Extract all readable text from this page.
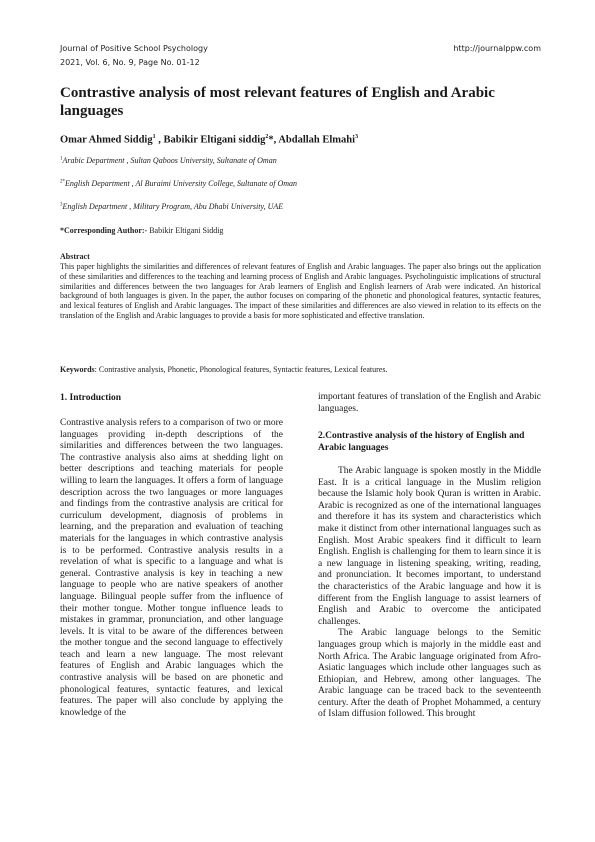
Journal of Positive School Psychology
2021, Vol. 6, No. 9, Page No. 01-12
http://journalppw.com
Contrastive analysis of most relevant features of English and Arabic languages
Omar Ahmed Siddig$^1$ , Babikir Eltigani siddig$^2$*, Abdallah Elmahi$^3$
$^1$Arabic Department , Sultan Qaboos University, Sultanate of Oman
$^{2*}$English Department , Al Buraimi University College, Sultanate of Oman
$^3$English Department , Military Program, Abu Dhabi University, UAE
*Corresponding Author:- Babikir Eltigani Siddig
Abstract
This paper highlights the similarities and differences of relevant features of English and Arabic languages. The paper also brings out the application of these similarities and differences to the teaching and learning process of English and Arabic languages. Psycholinguistic implications of structural similarities and differences between the two languages for Arab learners of English and English learners of Arab were indicated. An historical background of both languages is given. In the paper, the author focuses on comparing of the phonetic and phonological features, syntactic features, and lexical features of English and Arabic languages. The impact of these similarities and differences are also viewed in relation to its effects on the translation of the English and Arabic languages to provide a basis for more sophisticated and effective translation.
Keywords: Contrastive analysis, Phonetic, Phonological features, Syntactic features, Lexical features.
1. Introduction

Contrastive analysis refers to a comparison of two or more languages providing in-depth descriptions of the similarities and differences between the two languages. The contrastive analysis also aims at shedding light on better descriptions and teaching materials for people willing to learn the languages. It offers a form of language description across the two languages or more languages and findings from the contrastive analysis are critical for curriculum development, diagnosis of problems in learning, and the preparation and evaluation of teaching materials for the languages in which contrastive analysis is to be performed. Contrastive analysis results in a revelation of what is specific to a language and what is general. Contrastive analysis is key in teaching a new language to people who are native speakers of another language. Bilingual people suffer from the influence of their mother tongue. Mother tongue influence leads to mistakes in grammar, pronunciation, and other language levels. It is vital to be aware of the differences between the mother tongue and the second language to effectively teach and learn a new language. The most relevant features of English and Arabic languages which the contrastive analysis will be based on are phonetic and phonological features, syntactic features, and lexical features. The paper will also conclude by applying the knowledge of the

important features of translation of the English and Arabic languages.

2.Contrastive analysis of the history of English and Arabic languages

The Arabic language is spoken mostly in the Middle East. It is a critical language in the Muslim religion because the Islamic holy book Quran is written in Arabic. Arabic is recognized as one of the international languages and therefore it has its system and characteristics which make it distinct from other international languages such as English. Most Arabic speakers find it difficult to learn English. English is challenging for them to learn since it is a new language in listening speaking, writing, reading, and pronunciation. It becomes important, to understand the characteristics of the Arabic language and how it is different from the English language to assist learners of English and Arabic to overcome the anticipated challenges.

The Arabic language belongs to the Semitic languages group which is majorly in the middle east and North Africa. The Arabic language originated from Afro-Asiatic languages which include other languages such as Ethiopian, and Hebrew, among other languages. The Arabic language can be traced back to the seventeenth century. After the death of Prophet Mohammed, a century of Islam diffusion followed. This brought
